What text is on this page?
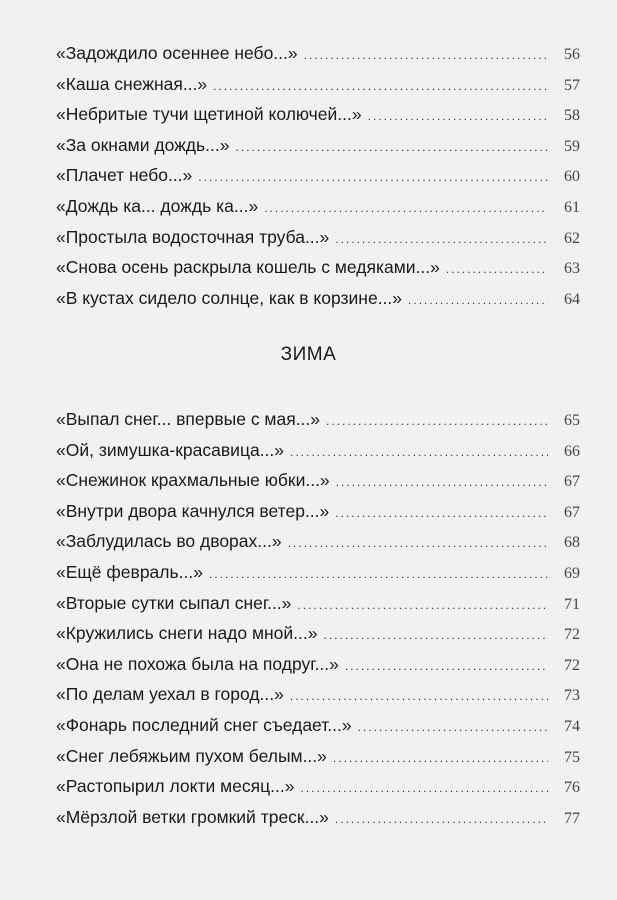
«Задождило осеннее небо...» .....	56
«Каша снежная...» .....	57
«Небритые тучи щетиной колючей...» .....	58
«За окнами дождь...» .....	59
«Плачет небо...» .....	60
«Дождь ка... дождь ка...» .....	61
«Простыла водосточная труба...» .....	62
«Снова осень раскрыла кошель с медяками...» .....	63
«В кустах сидело солнце, как в корзине...» .....	64
ЗИМА
«Выпал снег... впервые с мая...» .....	65
«Ой, зимушка-красавица...» .....	66
«Снежинок крахмальные юбки...» .....	67
«Внутри двора качнулся ветер...» .....	67
«Заблудилась во дворах...» .....	68
«Ещё февраль...» .....	69
«Вторые сутки сыпал снег...» .....	71
«Кружились снеги надо мной...» .....	72
«Она не похожа была на подруг...» .....	72
«По делам уехал в город...» .....	73
«Фонарь последний снег съедает...» .....	74
«Снег лебяжьим пухом белым...» .....	75
«Растопырил локти месяц...» .....	76
«Мёрзлой ветки громкий треск...» .....	77
